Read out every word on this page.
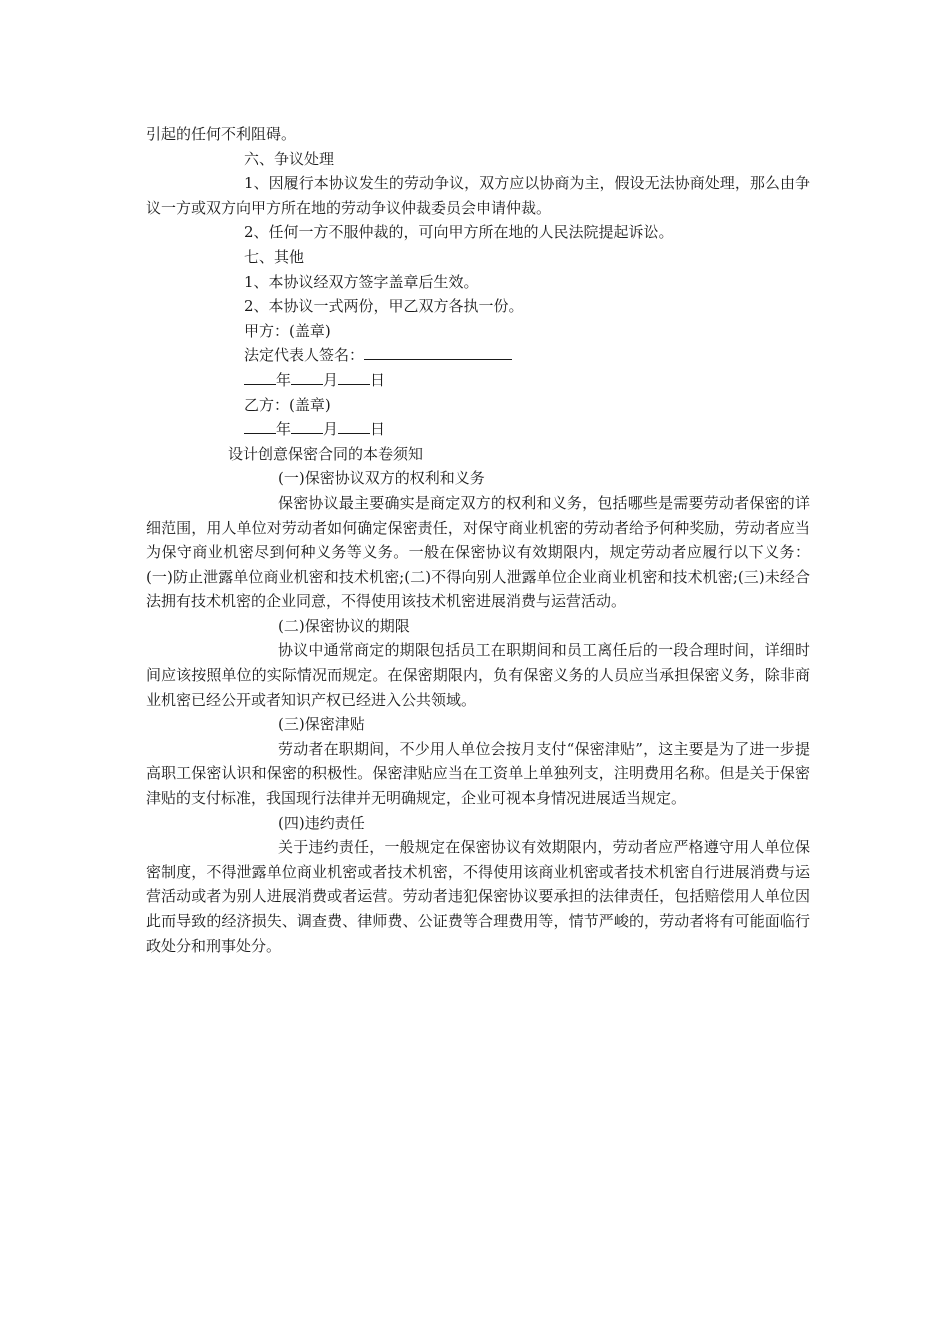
引起的任何不利阻碍。

六、争议处理

1、因履行本协议发生的劳动争议，双方应以协商为主，假设无法协商处理，那么由争议一方或双方向甲方所在地的劳动争议仲裁委员会申请仲裁。

2、任何一方不服仲裁的，可向甲方所在地的人民法院提起诉讼。

七、其他

1、本协议经双方签字盖章后生效。

2、本协议一式两份，甲乙双方各执一份。

甲方：(盖章)

法定代表人签名：

年 月 日

乙方：(盖章)

年 月 日

设计创意保密合同的本卷须知

(一)保密协议双方的权利和义务

保密协议最主要确实是商定双方的权利和义务，包括哪些是需要劳动者保密的详细范围，用人单位对劳动者如何确定保密责任，对保守商业机密的劳动者给予何种奖励，劳动者应当为保守商业机密尽到何种义务等义务。一般在保密协议有效期限内，规定劳动者应履行以下义务：(一)防止泄露单位商业机密和技术机密;(二)不得向别人泄露单位企业商业机密和技术机密;(三)未经合法拥有技术机密的企业同意，不得使用该技术机密进展消费与运营活动。

(二)保密协议的期限

协议中通常商定的期限包括员工在职期间和员工离任后的一段合理时间，详细时间应该按照单位的实际情况而规定。在保密期限内，负有保密义务的人员应当承担保密义务，除非商业机密已经公开或者知识产权已经进入公共领域。

(三)保密津贴

劳动者在职期间，不少用人单位会按月支付“保密津贴”，这主要是为了进一步提高职工保密认识和保密的积极性。保密津贴应当在工资单上单独列支，注明费用名称。但是关于保密津贴的支付标准，我国现行法律并无明确规定，企业可视本身情况进展适当规定。

(四)违约责任

关于违约责任，一般规定在保密协议有效期限内，劳动者应严格遵守用人单位保密制度，不得泄露单位商业机密或者技术机密，不得使用该商业机密或者技术机密自行进展消费与运营活动或者为别人进展消费或者运营。劳动者违犯保密协议要承担的法律责任，包括赔偿用人单位因此而导致的经济损失、调查费、律师费、公证费等合理费用等，情节严峻的，劳动者将有可能面临行政处分和刑事处分。
